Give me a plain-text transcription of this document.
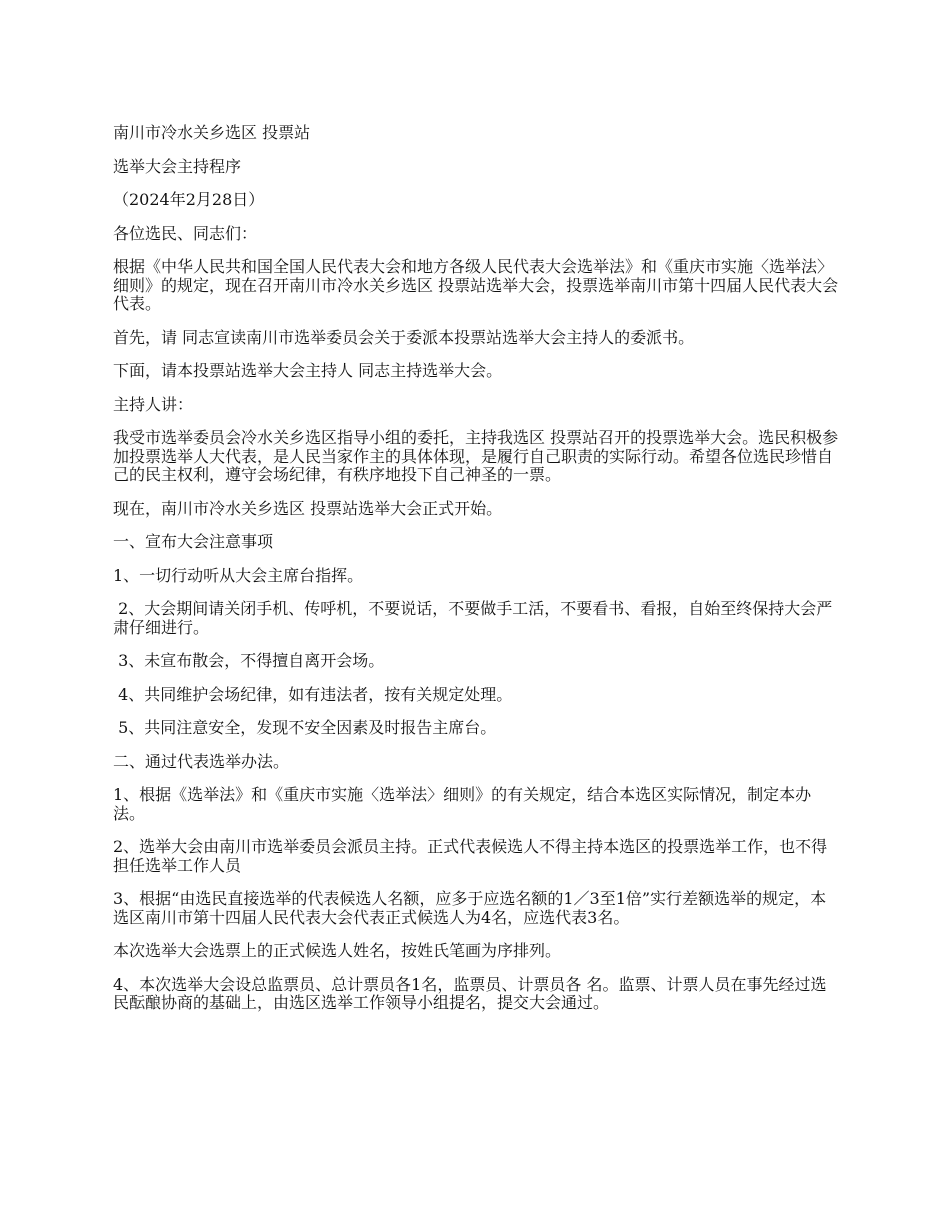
南川市冷水关乡选区 投票站

选举大会主持程序

（2024年2月28日）

各位选民、同志们：

根据《中华人民共和国全国人民代表大会和地方各级人民代表大会选举法》和《重庆市实施〈选举法〉细则》的规定，现在召开南川市冷水关乡选区 投票站选举大会，投票选举南川市第十四届人民代表大会代表。

首先，请 同志宣读南川市选举委员会关于委派本投票站选举大会主持人的委派书。

下面，请本投票站选举大会主持人 同志主持选举大会。

主持人讲：

我受市选举委员会冷水关乡选区指导小组的委托，主持我选区 投票站召开的投票选举大会。选民积极参加投票选举人大代表，是人民当家作主的具体体现，是履行自己职责的实际行动。希望各位选民珍惜自己的民主权利，遵守会场纪律，有秩序地投下自己神圣的一票。

现在，南川市冷水关乡选区 投票站选举大会正式开始。

一、宣布大会注意事项

1、一切行动听从大会主席台指挥。

2、大会期间请关闭手机、传呼机，不要说话，不要做手工活，不要看书、看报，自始至终保持大会严肃仔细进行。

3、未宣布散会，不得擅自离开会场。

4、共同维护会场纪律，如有违法者，按有关规定处理。

5、共同注意安全，发现不安全因素及时报告主席台。

二、通过代表选举办法。

1、根据《选举法》和《重庆市实施〈选举法〉细则》的有关规定，结合本选区实际情况，制定本办法。

2、选举大会由南川市选举委员会派员主持。正式代表候选人不得主持本选区的投票选举工作，也不得担任选举工作人员

3、根据“由选民直接选举的代表候选人名额，应多于应选名额的1／3至1倍”实行差额选举的规定，本选区南川市第十四届人民代表大会代表正式候选人为4名，应选代表3名。

本次选举大会选票上的正式候选人姓名，按姓氏笔画为序排列。

4、本次选举大会设总监票员、总计票员各1名，监票员、计票员各 名。监票、计票人员在事先经过选民酝酿协商的基础上，由选区选举工作领导小组提名，提交大会通过。
